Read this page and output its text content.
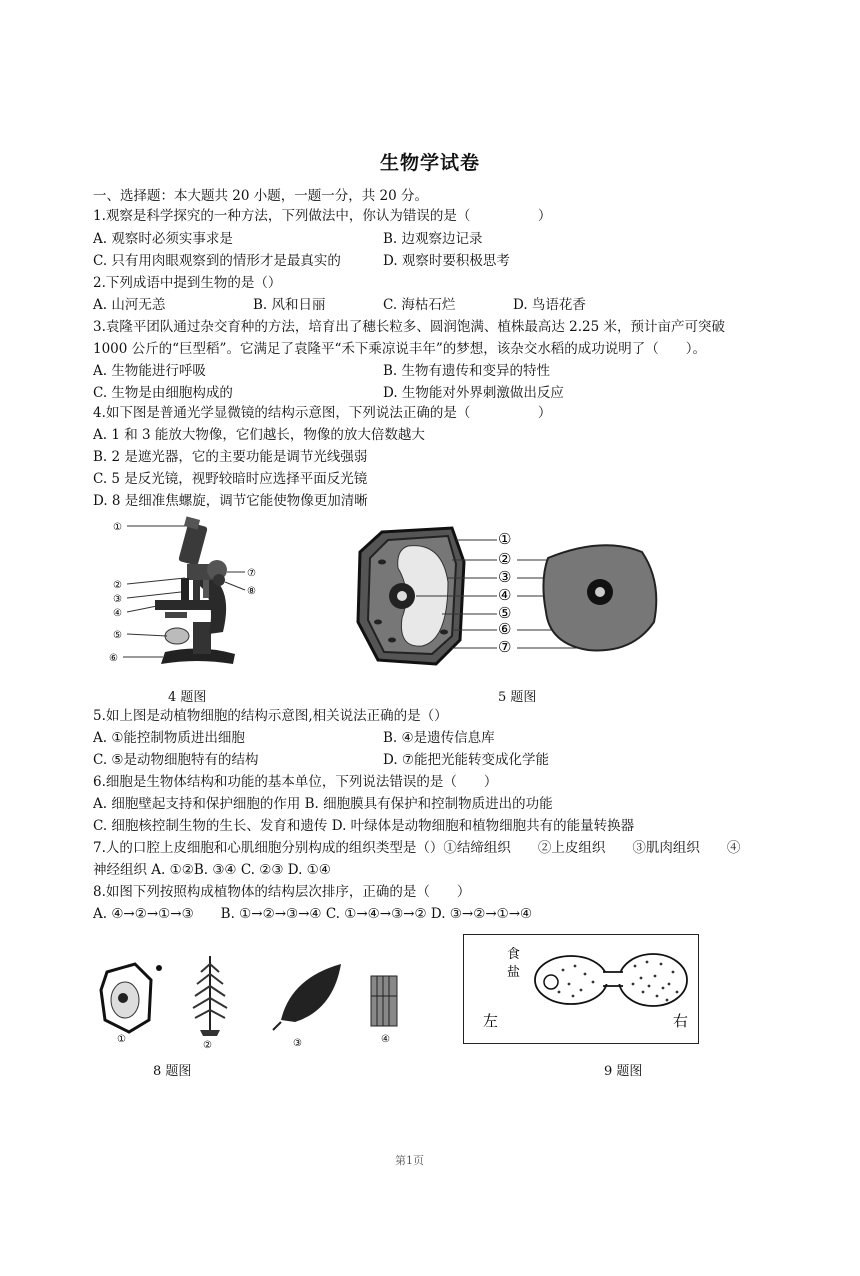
生物学试卷
一、选择题：本大题共 20 小题，一题一分，共 20 分。
1.观察是科学探究的一种方法，下列做法中，你认为错误的是（　　　　　）
A. 观察时必须实事求是	B. 边观察边记录
C. 只有用肉眼观察到的情形才是最真实的	D. 观察时要积极思考
2.下列成语中提到生物的是（）
A. 山河无恙	B. 风和日丽	C. 海枯石烂	D. 鸟语花香
3.袁隆平团队通过杂交育种的方法，培育出了穗长粒多、圆润饱满、植株最高达 2.25 米，预计亩产可突破
1000 公斤的“巨型稻”。它满足了袁隆平“禾下乘凉说丰年”的梦想，该杂交水稻的成功说明了（　　）。
A. 生物能进行呼吸	B. 生物有遗传和变异的特性
C. 生物是由细胞构成的	D. 生物能对外界刺激做出反应
4.如下图是普通光学显微镜的结构示意图，下列说法正确的是（　　　　　）
A. 1 和 3 能放大物像，它们越长，物像的放大倍数越大
B. 2 是遮光器，它的主要功能是调节光线强弱
C. 5 是反光镜，视野较暗时应选择平面反光镜
D. 8 是细准焦螺旋，调节它能使物像更加清晰
①
②
③
④
⑤
⑥
⑦
⑧
①
②
③
④
⑤
⑥
⑦
4 题图	5 题图
5.如上图是动植物细胞的结构示意图,相关说法正确的是（）
A. ①能控制物质进出细胞	B. ④是遗传信息库
C. ⑤是动物细胞特有的结构	D. ⑦能把光能转变成化学能
6.细胞是生物体结构和功能的基本单位，下列说法错误的是（　　）
A. 细胞壁起支持和保护细胞的作用 B. 细胞膜具有保护和控制物质进出的功能
C. 细胞核控制生物的生长、发育和遗传 D. 叶绿体是动物细胞和植物细胞共有的能量转换器
7.人的口腔上皮细胞和心肌细胞分别构成的组织类型是（）①结缔组织　　②上皮组织　　③肌肉组织　　④
神经组织 A. ①②B. ③④ C. ②③ D. ①④
8.如图下列按照构成植物体的结构层次排序，正确的是（　　）
A. ④→②→①→③　　B. ①→②→③→④ C. ①→④→③→② D. ③→②→①→④
①
②	③	④
食
盐
左	右
8 题图	9 题图
第1页
